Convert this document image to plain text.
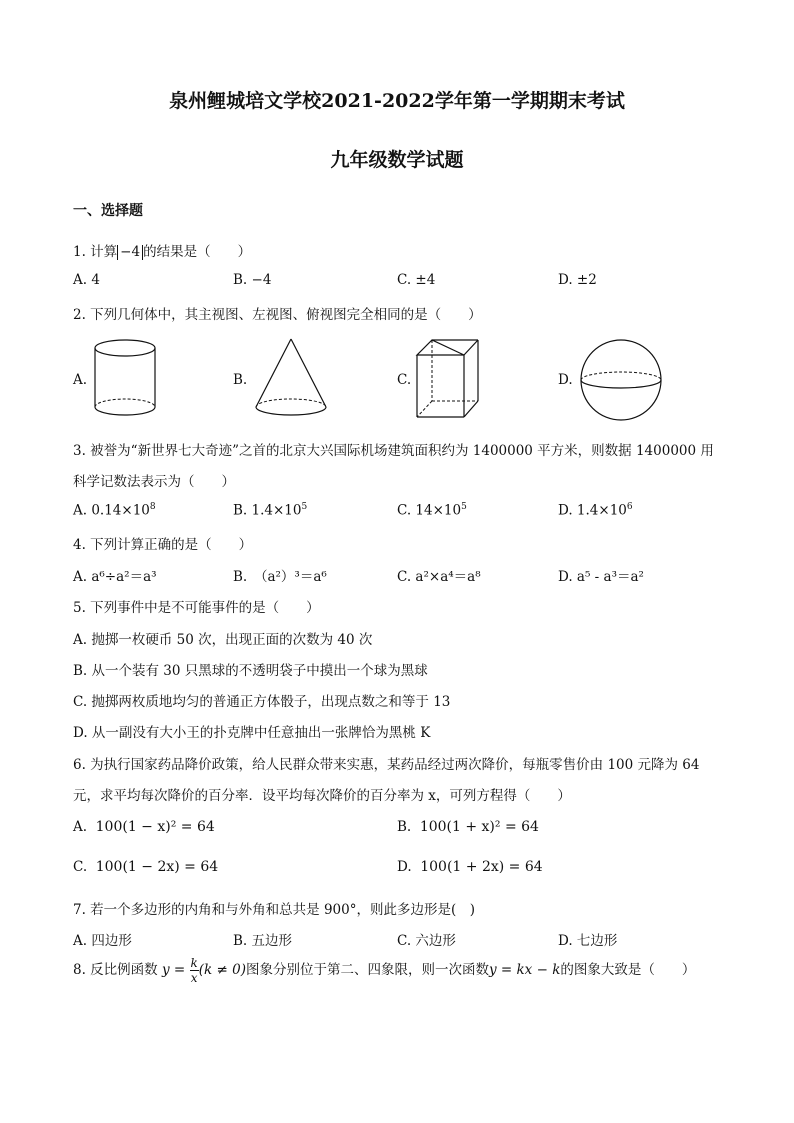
泉州鲤城培文学校2021-2022学年第一学期期末考试
九年级数学试题
一、选择题
1. 计算 −4 的结果是（　　）
A. 4	B. −4	C. ±4	D. ±2
2. 下列几何体中，其主视图、左视图、俯视图完全相同的是（　　）
A.	B.	C.	D.
3. 被誉为“新世界七大奇迹”之首的北京大兴国际机场建筑面积约为 1400000 平方米，则数据 1400000 用
科学记数法表示为（　　）
A. $0.14\times 10^8$	B. $1.4\times 10^5$	C. $14\times 10^5$	D. $1.4\times 10^6$
4. 下列计算正确的是（　　）
A. a⁶÷a²＝a³	B.　（a²）³＝a⁶	C. a²×a⁴＝a⁸	D. a⁵ - a³＝a²
5. 下列事件中是不可能事件的是（　　）
A. 抛掷一枚硬币 50 次，出现正面的次数为 40 次
B. 从一个装有 30 只黑球的不透明袋子中摸出一个球为黑球
C. 抛掷两枚质地均匀的普通正方体骰子，出现点数之和等于 13
D. 从一副没有大小王的扑克牌中任意抽出一张牌恰为黑桃 K
6. 为执行国家药品降价政策，给人民群众带来实惠，某药品经过两次降价，每瓶零售价由 100 元降为 64
元，求平均每次降价的百分率．设平均每次降价的百分率为 x，可列方程得（　　）
A. 100(1 − x)² = 64	B. 100(1 + x)² = 64
C. 100(1 − 2x) = 64	D. 100(1 + 2x) = 64
7. 若一个多边形的内角和与外角和总共是 900°，则此多边形是(　)
A. 四边形	B. 五边形	C. 六边形	D. 七边形
8. 反比例函数 $y = \frac{k}{x} (k \ne 0)$图象分别位于第二、四象限，则一次函数y = kx − k的图象大致是（　　）
